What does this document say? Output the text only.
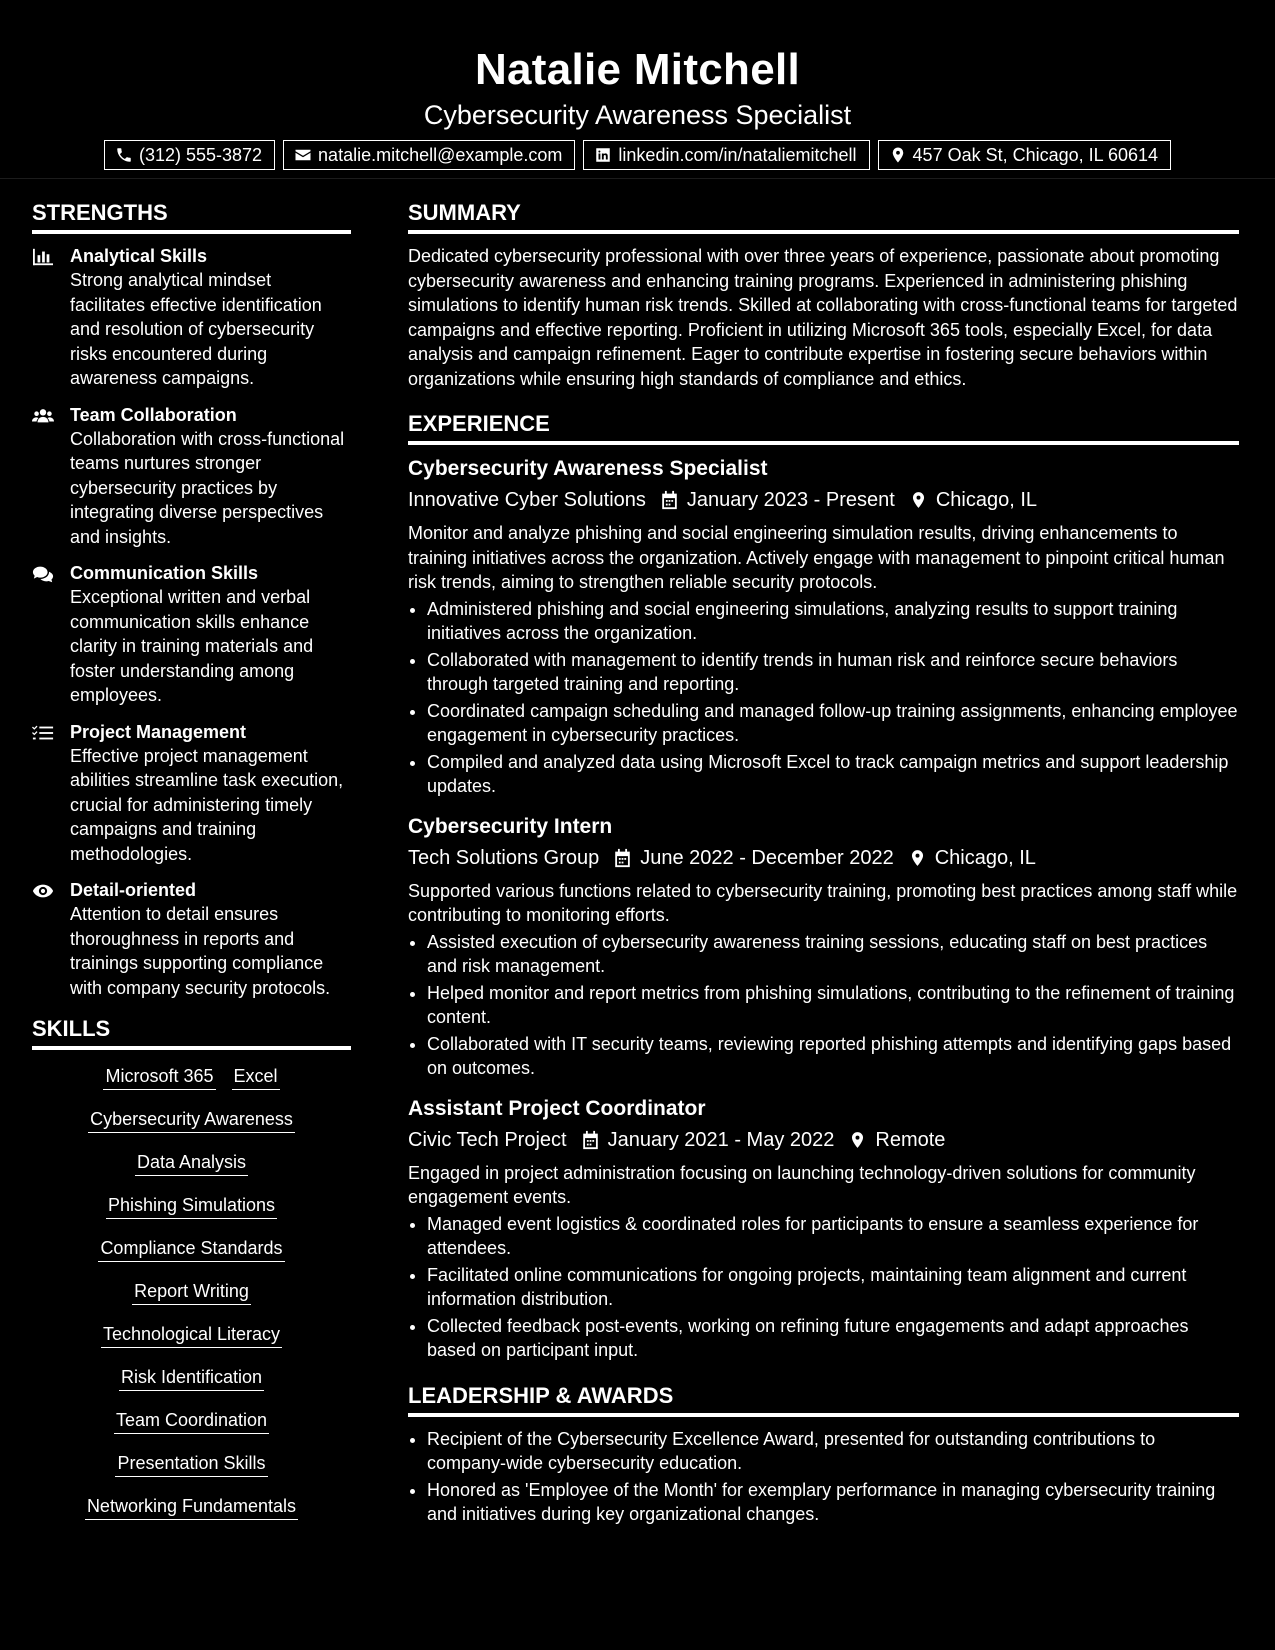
Natalie Mitchell
Cybersecurity Awareness Specialist
(312) 555-3872	natalie.mitchell@example.com	linkedin.com/in/nataliemitchell	457 Oak St, Chicago, IL 60614
STRENGTHS
Analytical Skills
Strong analytical mindset facilitates effective identification and resolution of cybersecurity risks encountered during awareness campaigns.
Team Collaboration
Collaboration with cross-functional teams nurtures stronger cybersecurity practices by integrating diverse perspectives and insights.
Communication Skills
Exceptional written and verbal communication skills enhance clarity in training materials and foster understanding among employees.
Project Management
Effective project management abilities streamline task execution, crucial for administering timely campaigns and training methodologies.
Detail-oriented
Attention to detail ensures thoroughness in reports and trainings supporting compliance with company security protocols.
SKILLS
Microsoft 365 Excel
Cybersecurity Awareness
Data Analysis
Phishing Simulations
Compliance Standards
Report Writing
Technological Literacy
Risk Identification
Team Coordination
Presentation Skills
Networking Fundamentals
SUMMARY
Dedicated cybersecurity professional with over three years of experience, passionate about promoting cybersecurity awareness and enhancing training programs. Experienced in administering phishing simulations to identify human risk trends. Skilled at collaborating with cross-functional teams for targeted campaigns and effective reporting. Proficient in utilizing Microsoft 365 tools, especially Excel, for data analysis and campaign refinement. Eager to contribute expertise in fostering secure behaviors within organizations while ensuring high standards of compliance and ethics.
EXPERIENCE
Cybersecurity Awareness Specialist
Innovative Cyber Solutions January 2023 - Present Chicago, IL
Monitor and analyze phishing and social engineering simulation results, driving enhancements to training initiatives across the organization. Actively engage with management to pinpoint critical human risk trends, aiming to strengthen reliable security protocols.
• Administered phishing and social engineering simulations, analyzing results to support training initiatives across the organization.
• Collaborated with management to identify trends in human risk and reinforce secure behaviors through targeted training and reporting.
• Coordinated campaign scheduling and managed follow-up training assignments, enhancing employee engagement in cybersecurity practices.
• Compiled and analyzed data using Microsoft Excel to track campaign metrics and support leadership updates.
Cybersecurity Intern
Tech Solutions Group June 2022 - December 2022 Chicago, IL
Supported various functions related to cybersecurity training, promoting best practices among staff while contributing to monitoring efforts.
• Assisted execution of cybersecurity awareness training sessions, educating staff on best practices and risk management.
• Helped monitor and report metrics from phishing simulations, contributing to the refinement of training content.
• Collaborated with IT security teams, reviewing reported phishing attempts and identifying gaps based on outcomes.
Assistant Project Coordinator
Civic Tech Project January 2021 - May 2022 Remote
Engaged in project administration focusing on launching technology-driven solutions for community engagement events.
• Managed event logistics & coordinated roles for participants to ensure a seamless experience for attendees.
• Facilitated online communications for ongoing projects, maintaining team alignment and current information distribution.
• Collected feedback post-events, working on refining future engagements and adapt approaches based on participant input.
LEADERSHIP & AWARDS
• Recipient of the Cybersecurity Excellence Award, presented for outstanding contributions to company-wide cybersecurity education.
• Honored as 'Employee of the Month' for exemplary performance in managing cybersecurity training and initiatives during key organizational changes.
